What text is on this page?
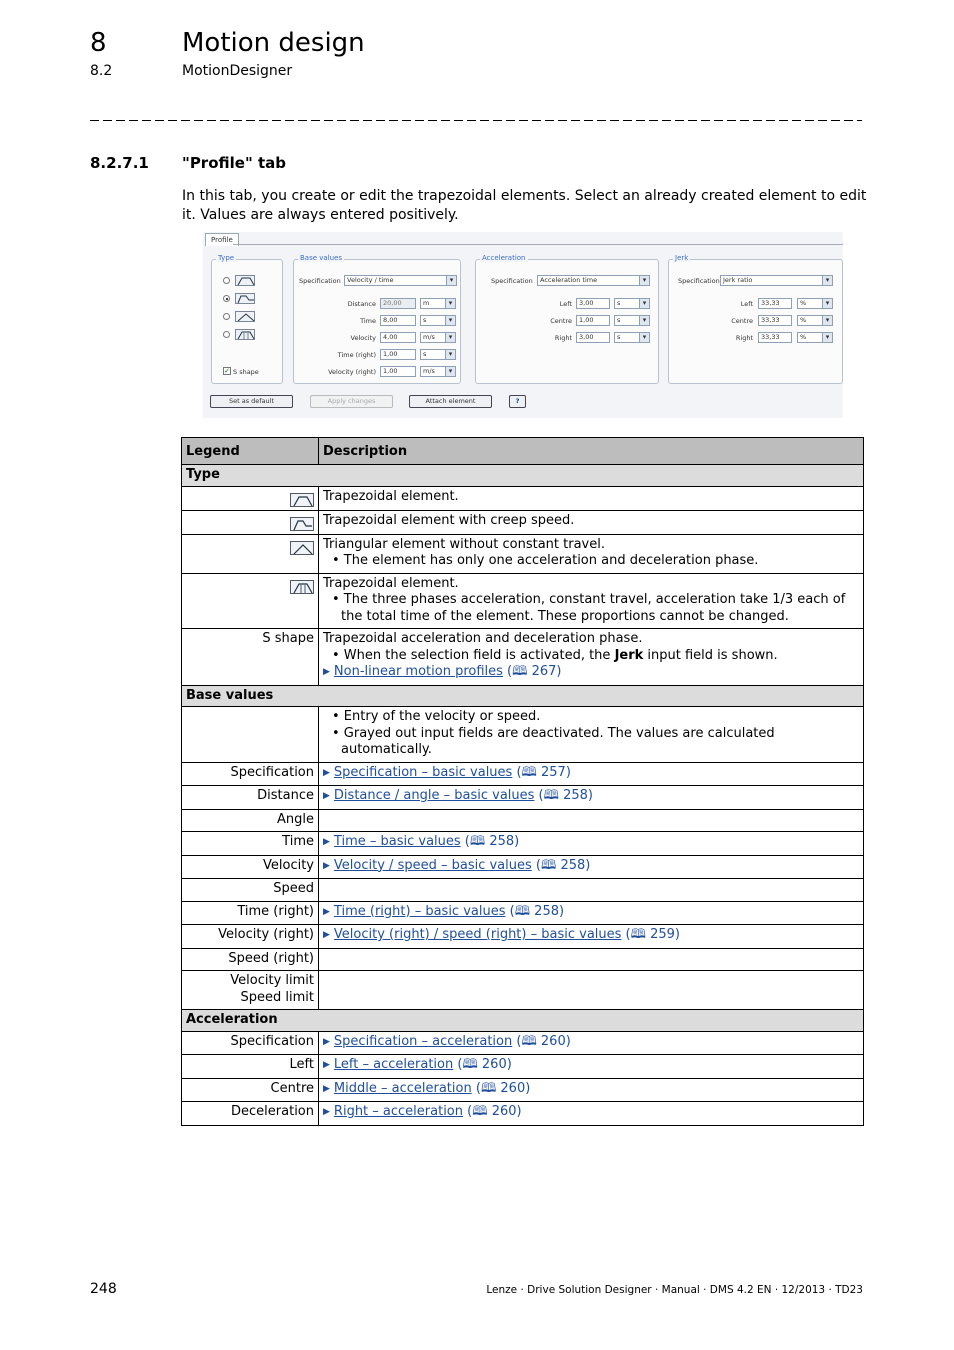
8	Motion design
8.2	MotionDesigner
8.2.7.1 "Profile" tab
In this tab, you create or edit the trapezoidal elements. Select an already created element to edit it. Values are always entered positively.
Profile
Type
✓ S shape
Base values
Specification Velocity / time ▾
Distance	20,00	m ▾
Time	8,00	s ▾
Velocity	4,00	m/s ▾
Time (right)	1,00	s ▾
Velocity (right)	1,00	m/s ▾
Acceleration
Specification	Acceleration time ▾
Left	3,00	s ▾
Centre	1,00	s ▾
Right	3,00	s ▾
Jerk
Specification Jerk ratio ▾
Left	33,33	% ▾
Centre	33,33	% ▾
Right	33,33	% ▾
Set as default	Apply changes	Attach element	?
Legend	Description
Type	

Trapezoidal element.

Trapezoidal element with creep speed.

Triangular element without constant travel.
• The element has only one acceleration and deceleration phase.

Trapezoidal element.
• The three phases acceleration, constant travel, acceleration take 1/3 each of the total time of the element. These proportions cannot be changed.

S shape	Trapezoidal acceleration and deceleration phase.
• When the selection field is activated, the Jerk input field is shown.
▶ Non-linear motion profiles (🕮 267)

Base values	

	• Entry of the velocity or speed.
• Grayed out input fields are deactivated. The values are calculated automatically.

Specification	▶ Specification – basic values (🕮 257)

Distance	▶ Distance / angle – basic values (🕮 258)

Angle	
Time	▶ Time – basic values (🕮 258)

Velocity	▶ Velocity / speed – basic values (🕮 258)

Speed	
Time (right)	▶ Time (right) – basic values (🕮 258)

Velocity (right)	▶ Velocity (right) / speed (right) – basic values (🕮 259)

Speed (right)	

Velocity limit
Speed limit	

Acceleration	
Specification	▶ Specification – acceleration (🕮 260)

Left	▶ Left – acceleration (🕮 260)

Centre	▶ Middle – acceleration (🕮 260)

Deceleration	▶ Right – acceleration (🕮 260)
248	Lenze · Drive Solution Designer · Manual · DMS 4.2 EN · 12/2013 · TD23
